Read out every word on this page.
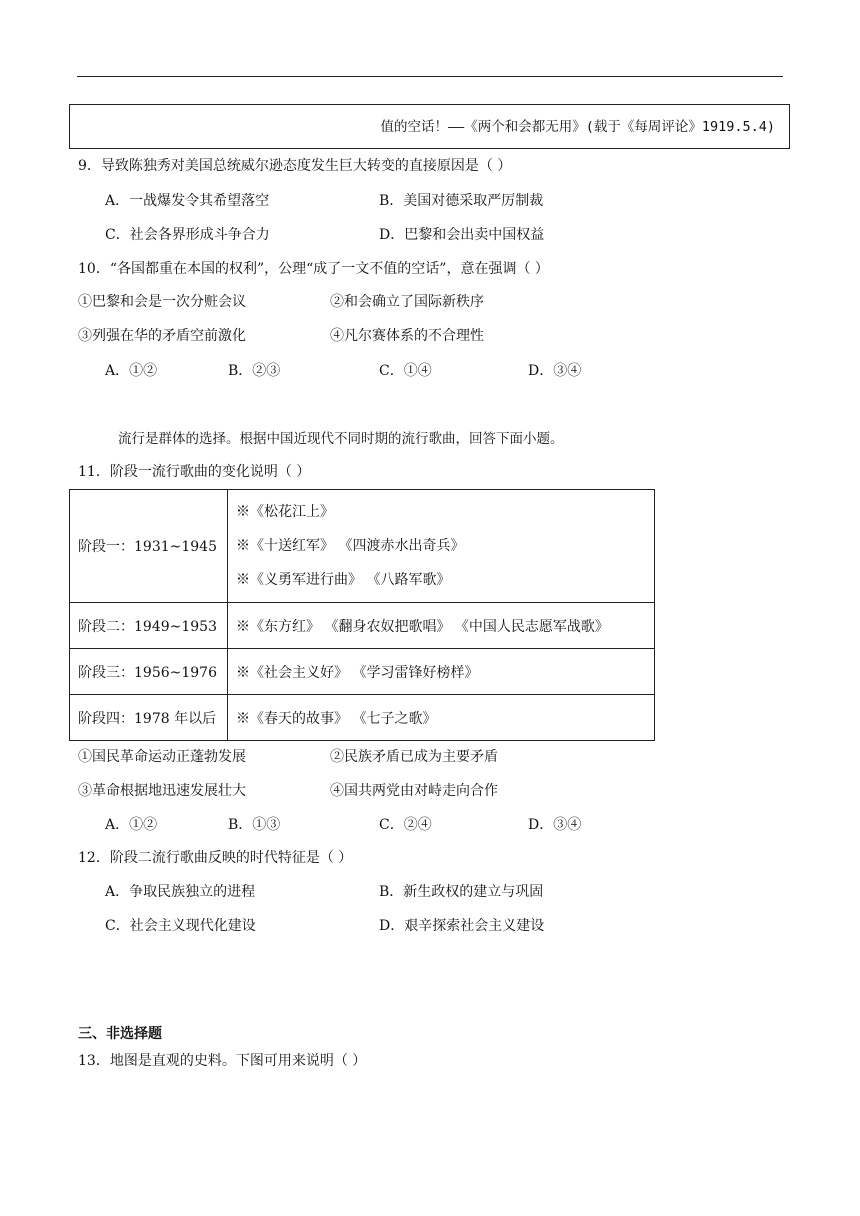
值的空话！——《两个和会都无用》(载于《每周评论》1919.5.4)
9．导致陈独秀对美国总统威尔逊态度发生巨大转变的直接原因是（ ）
A．一战爆发令其希望落空	B．美国对德采取严厉制裁
C．社会各界形成斗争合力	D．巴黎和会出卖中国权益
10．“各国都重在本国的权利”，公理“成了一文不值的空话”，意在强调（ ）
①巴黎和会是一次分赃会议	②和会确立了国际新秩序
③列强在华的矛盾空前激化	④凡尔赛体系的不合理性
A．①②	B．②③	C．①④	D．③④
流行是群体的选择。根据中国近现代不同时期的流行歌曲，回答下面小题。
11．阶段一流行歌曲的变化说明（ ）
阶段一：1931~1945	※《松花江上》
※《十送红军》 《四渡赤水出奇兵》
※《义勇军进行曲》 《八路军歌》

阶段二：1949~1953	※《东方红》 《翻身农奴把歌唱》 《中国人民志愿军战歌》
阶段三：1956~1976	※《社会主义好》 《学习雷锋好榜样》
阶段四：1978 年以后	※《春天的故事》 《七子之歌》
①国民革命运动正蓬勃发展	②民族矛盾已成为主要矛盾
③革命根据地迅速发展壮大	④国共两党由对峙走向合作
A．①②	B．①③	C．②④	D．③④
12．阶段二流行歌曲反映的时代特征是（ ）
A．争取民族独立的进程	B．新生政权的建立与巩固
C．社会主义现代化建设	D．艰辛探索社会主义建设
三、非选择题
13．地图是直观的史料。下图可用来说明（ ）
